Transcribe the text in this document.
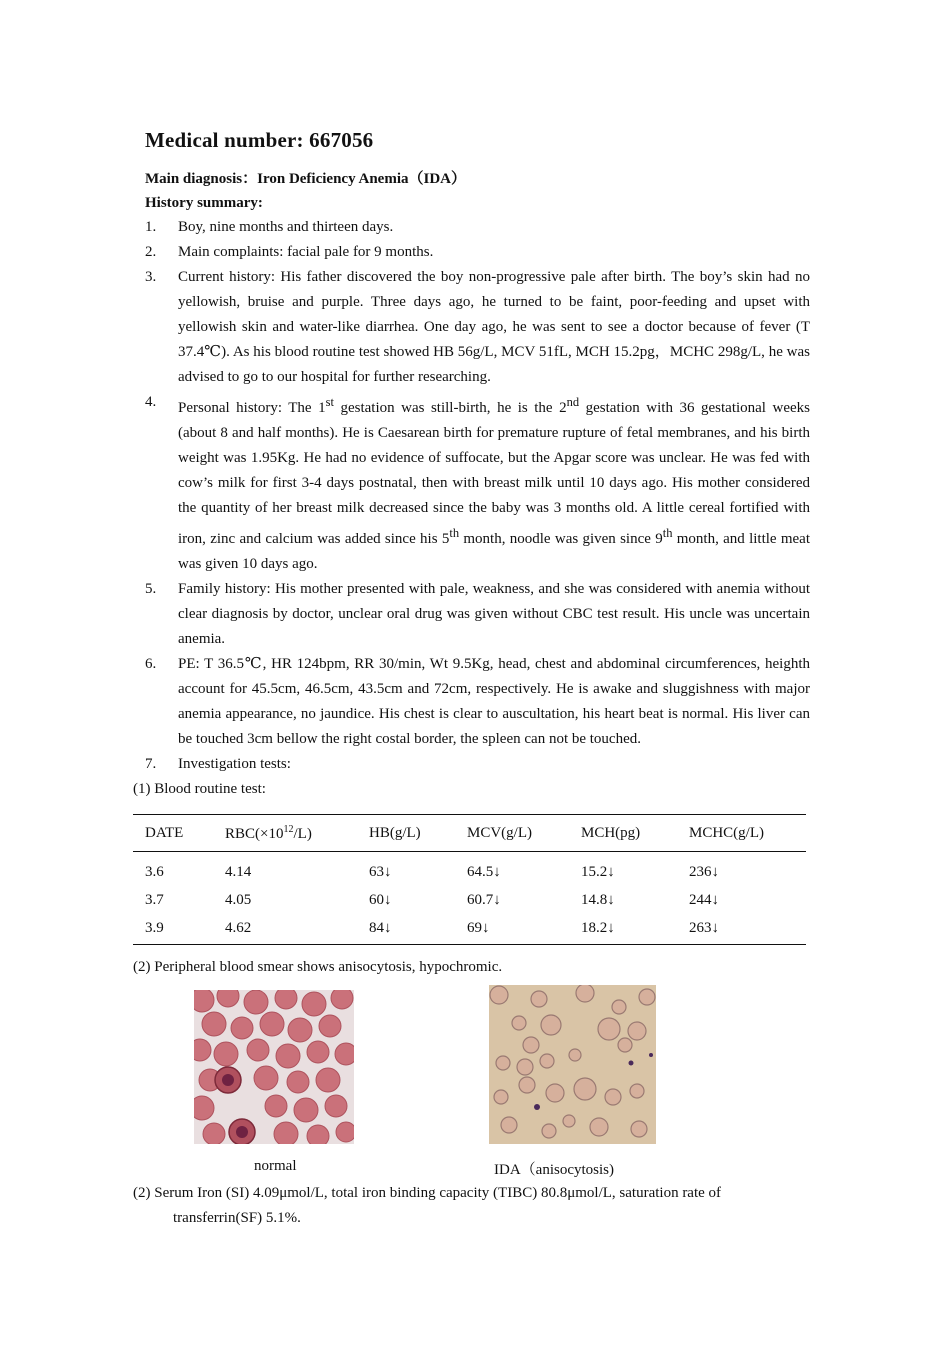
Medical number: 667056
Main diagnosis：Iron Deficiency Anemia（IDA）
History summary:
1. Boy, nine months and thirteen days.
2. Main complaints: facial pale for 9 months.
3. Current history: His father discovered the boy non-progressive pale after birth. The boy’s skin had no yellowish, bruise and purple. Three days ago, he turned to be faint, poor-feeding and upset with yellowish skin and water-like diarrhea. One day ago, he was sent to see a doctor because of fever (T 37.4℃). As his blood routine test showed HB 56g/L, MCV 51fL, MCH 15.2pg，MCHC 298g/L, he was advised to go to our hospital for further researching.
4. Personal history: The 1st gestation was still-birth, he is the 2nd gestation with 36 gestational weeks (about 8 and half months). He is Caesarean birth for premature rupture of fetal membranes, and his birth weight was 1.95Kg. He had no evidence of suffocate, but the Apgar score was unclear. He was fed with cow’s milk for first 3-4 days postnatal, then with breast milk until 10 days ago. His mother considered the quantity of her breast milk decreased since the baby was 3 months old. A little cereal fortified with iron, zinc and calcium was added since his 5th month, noodle was given since 9th month, and little meat was given 10 days ago.
5. Family history: His mother presented with pale, weakness, and she was considered with anemia without clear diagnosis by doctor, unclear oral drug was given without CBC test result. His uncle was uncertain anemia.
6. PE: T 36.5℃, HR 124bpm, RR 30/min, Wt 9.5Kg, head, chest and abdominal circumferences, heighth account for 45.5cm, 46.5cm, 43.5cm and 72cm, respectively. He is awake and sluggishness with major anemia appearance, no jaundice. His chest is clear to auscultation, his heart beat is normal. His liver can be touched 3cm bellow the right costal border, the spleen can not be touched.
7. Investigation tests:
(1) Blood routine test:
DATE	$RBC(\times 10^{12}/L)$	HB(g/L)	MCV(g/L)	MCH(pg)	MCHC(g/L)
3.6	4.14	63↓	64.5↓	15.2↓	236↓
3.7	4.05	60↓	60.7↓	14.8↓	244↓
3.9	4.62	84↓	69↓	18.2↓	263↓
(2) Peripheral blood smear shows anisocytosis, hypochromic.
normal	IDA（anisocytosis)
(2) Serum Iron (SI) 4.09μmol/L, total iron binding capacity (TIBC) 80.8μmol/L, saturation rate of
transferrin(SF) 5.1%.
